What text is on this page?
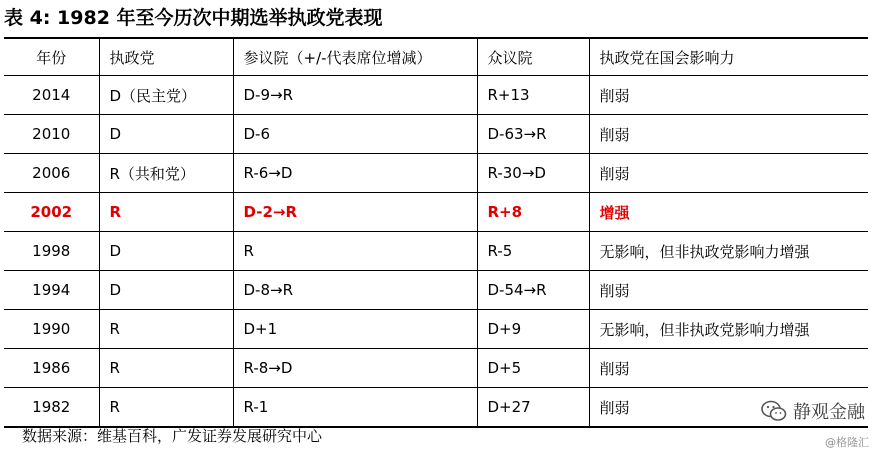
表 4: 1982 年至今历次中期选举执政党表现
年份	执政党	参议院（+/-代表席位增减）	众议院	执政党在国会影响力
2014	D（民主党）	D-9→R	R+13	削弱
2010	D	D-6	D-63→R	削弱
2006	R（共和党）	R-6→D	R-30→D	削弱
2002	R	D-2→R	R+8	增强
1998	D	R	R-5	无影响，但非执政党影响力增强
1994	D	D-8→R	D-54→R	削弱
1990	R	D+1	D+9	无影响，但非执政党影响力增强
1986	R	R-8→D	D+5	削弱
1982	R	R-1	D+27	削弱
数据来源：维基百科，广发证券发展研究中心
静观金融
@格隆汇
